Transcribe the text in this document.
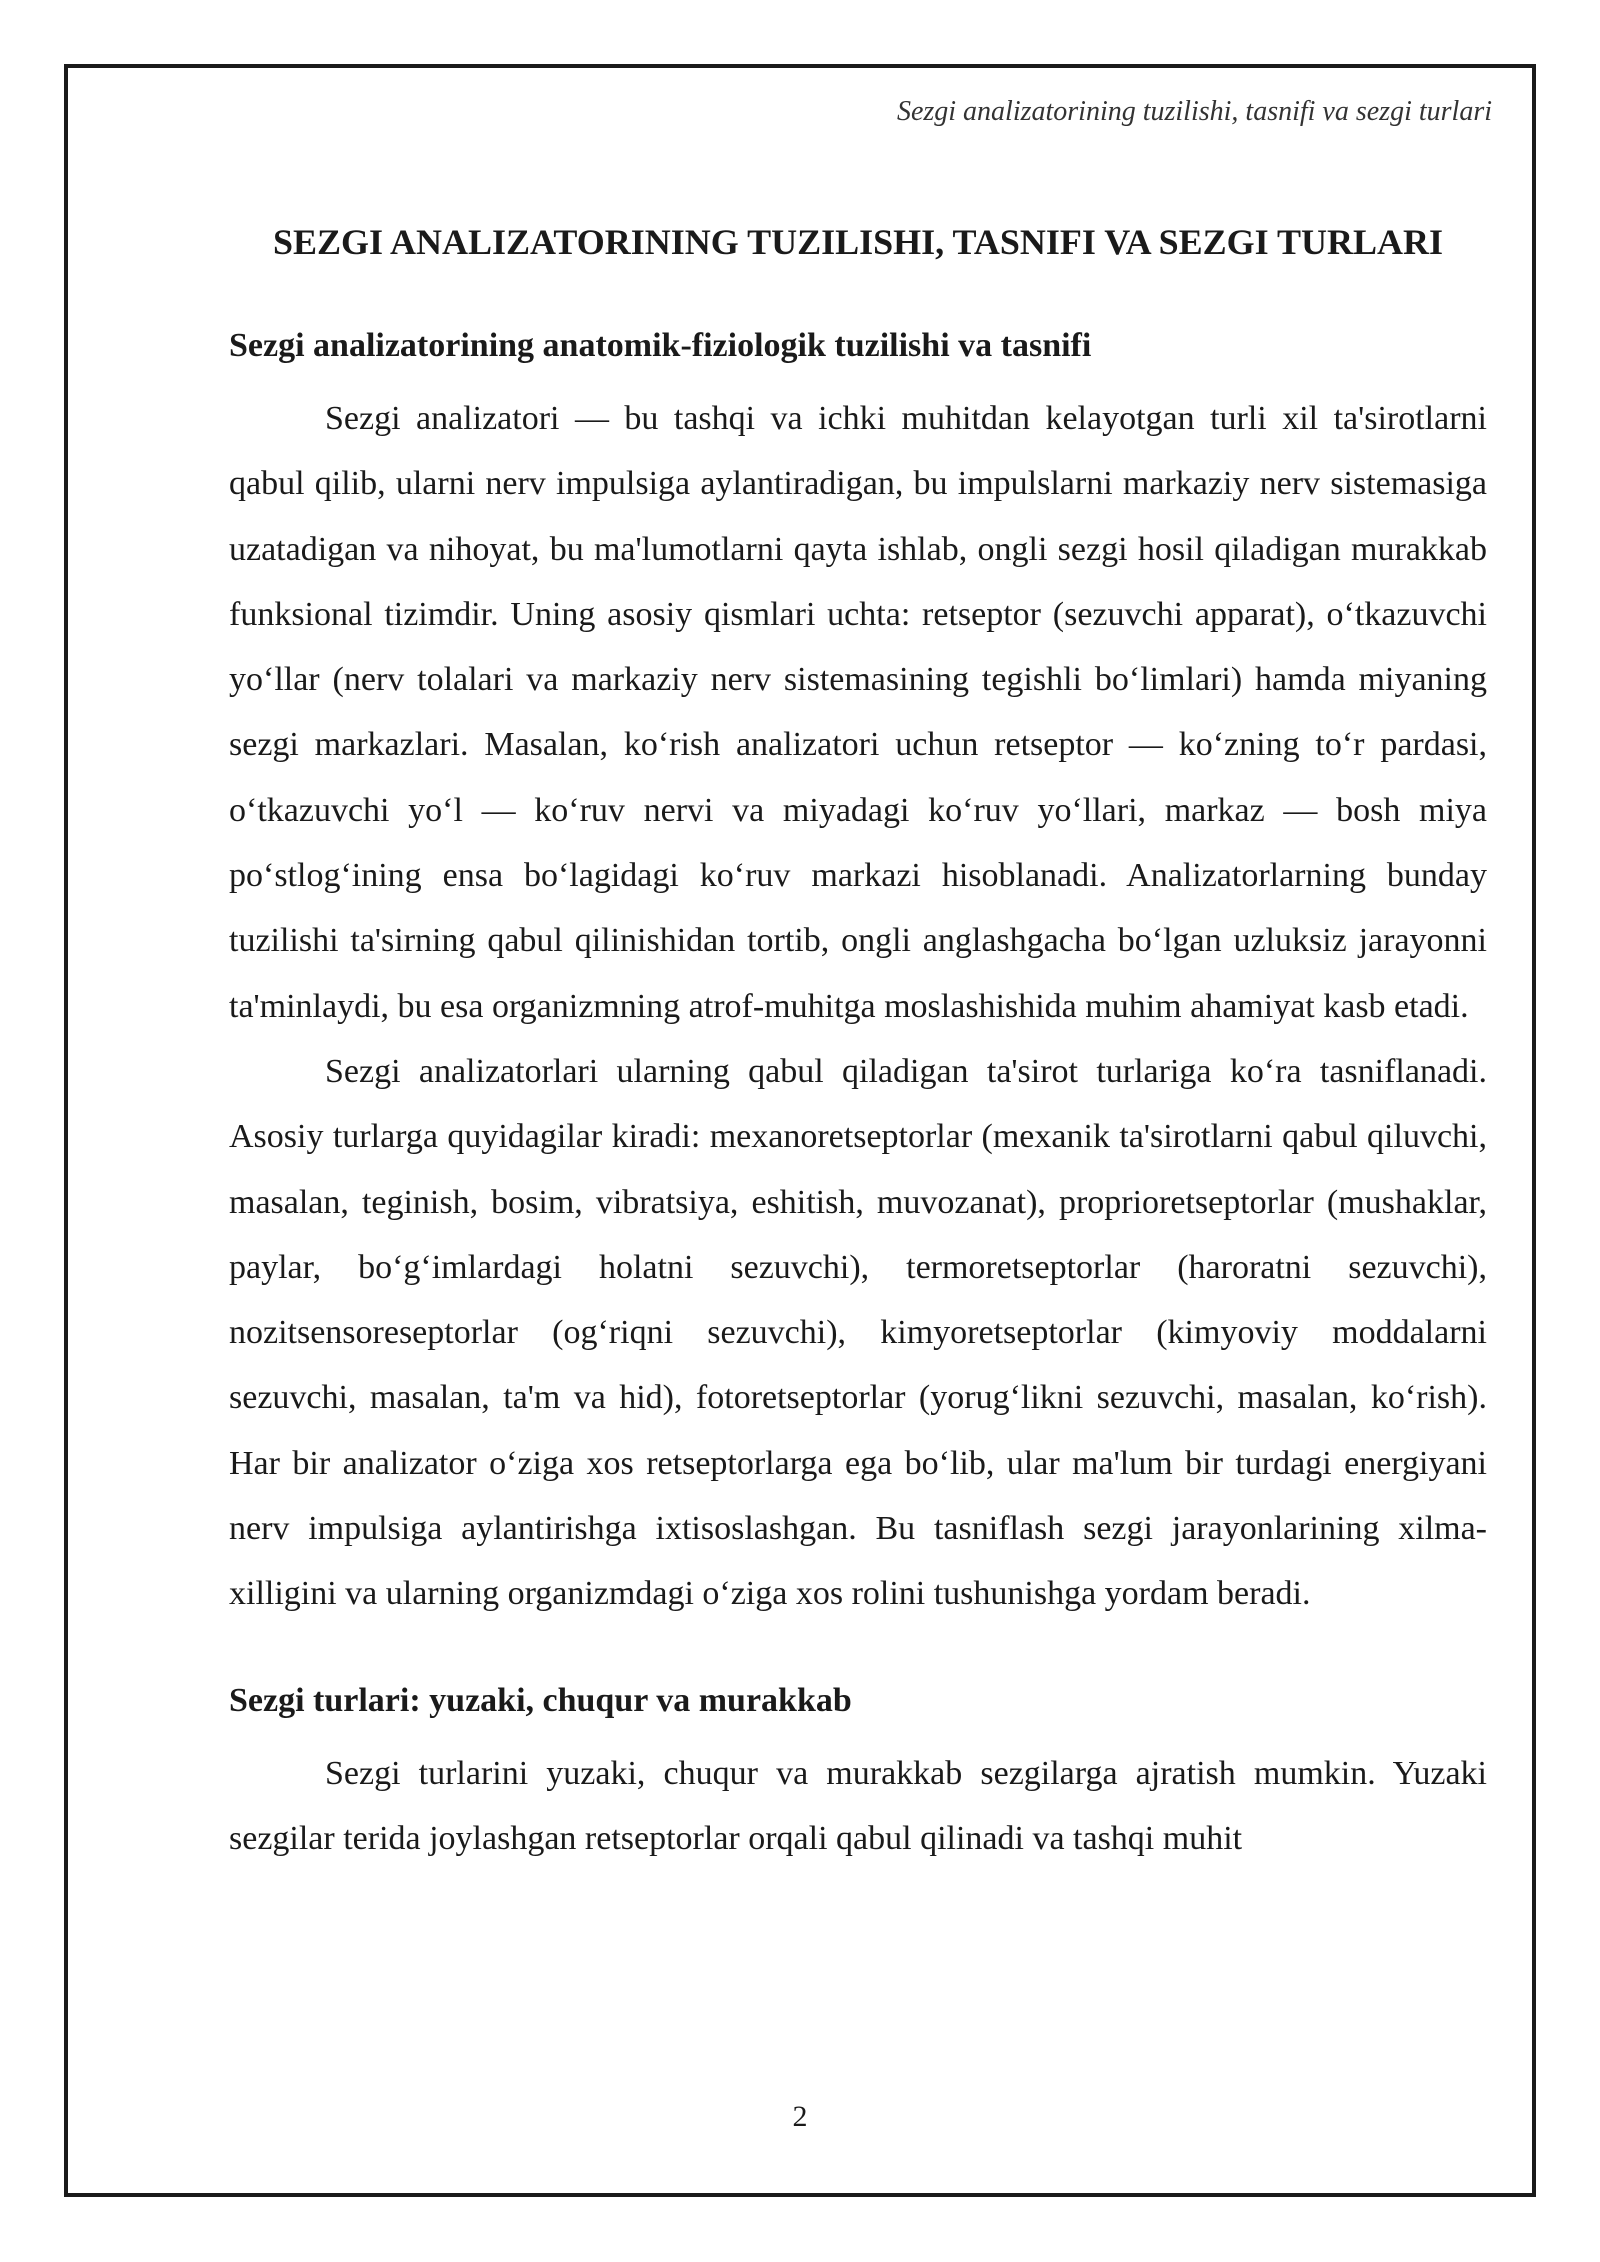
Sezgi analizatorining tuzilishi, tasnifi va sezgi turlari
SEZGI ANALIZATORINING TUZILISHI, TASNIFI VA SEZGI TURLARI
Sezgi analizatorining anatomik-fiziologik tuzilishi va tasnifi

Sezgi analizatori — bu tashqi va ichki muhitdan kelayotgan turli xil ta'sirotlarni qabul qilib, ularni nerv impulsiga aylantiradigan, bu impulslarni markaziy nerv sistemasiga uzatadigan va nihoyat, bu ma'lumotlarni qayta ishlab, ongli sezgi hosil qiladigan murakkab funksional tizimdir. Uning asosiy qismlari uchta: retseptor (sezuvchi apparat), o‘tkazuvchi yo‘llar (nerv tolalari va markaziy nerv sistemasining tegishli bo‘limlari) hamda miyaning sezgi markazlari. Masalan, ko‘rish analizatori uchun retseptor — ko‘zning to‘r pardasi, o‘tkazuvchi yo‘l — ko‘ruv nervi va miyadagi ko‘ruv yo‘llari, markaz — bosh miya po‘stlog‘ining ensa bo‘lagidagi ko‘ruv markazi hisoblanadi. Analizatorlarning bunday tuzilishi ta'sirning qabul qilinishidan tortib, ongli anglashgacha bo‘lgan uzluksiz jarayonni ta'minlaydi, bu esa organizmning atrof-muhitga moslashishida muhim ahamiyat kasb etadi.

Sezgi analizatorlari ularning qabul qiladigan ta'sirot turlariga ko‘ra tasniflanadi. Asosiy turlarga quyidagilar kiradi: mexanoretseptorlar (mexanik ta'sirotlarni qabul qiluvchi, masalan, teginish, bosim, vibratsiya, eshitish, muvozanat), proprioretseptorlar (mushaklar, paylar, bo‘g‘imlardagi holatni sezuvchi), termoretseptorlar (haroratni sezuvchi), nozitsensoreseptorlar (og‘riqni sezuvchi), kimyoretseptorlar (kimyoviy moddalarni sezuvchi, masalan, ta'm va hid), fotoretseptorlar (yorug‘likni sezuvchi, masalan, ko‘rish). Har bir analizator o‘ziga xos retseptorlarga ega bo‘lib, ular ma'lum bir turdagi energiyani nerv impulsiga aylantirishga ixtisoslashgan. Bu tasniflash sezgi jarayonlarining xilma-xilligini va ularning organizmdagi o‘ziga xos rolini tushunishga yordam beradi.

Sezgi turlari: yuzaki, chuqur va murakkab

Sezgi turlarini yuzaki, chuqur va murakkab sezgilarga ajratish mumkin. Yuzaki sezgilar terida joylashgan retseptorlar orqali qabul qilinadi va tashqi muhit

2
